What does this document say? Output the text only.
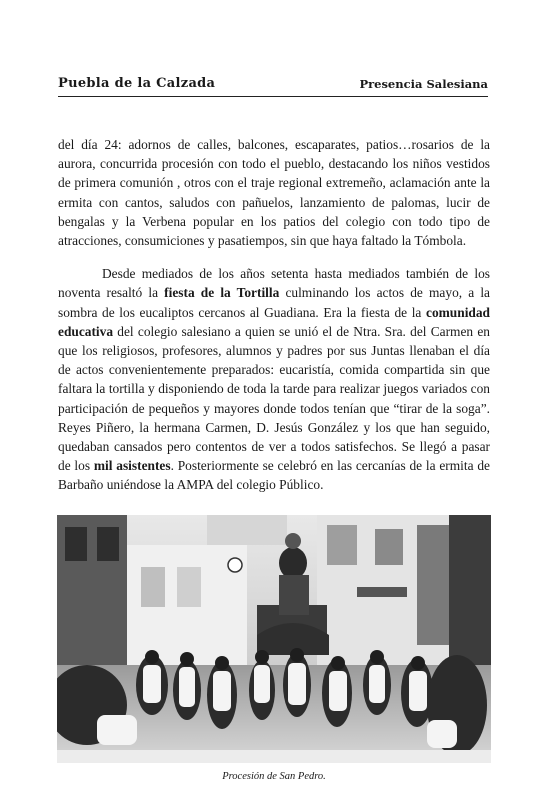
Puebla de la Calzada	Presencia Salesiana

del día 24: adornos de calles, balcones, escaparates, patios…rosarios de la aurora, concurrida procesión con todo el pueblo, destacando los niños vestidos de primera comunión , otros con el traje regional extremeño, aclamación ante la ermita con cantos, saludos con pañuelos, lanzamiento de palomas, lucir de bengalas y la Verbena popular en los patios del colegio con todo tipo de atracciones, consumiciones y pasatiempos, sin que haya faltado la Tómbola.

Desde mediados de los años setenta hasta mediados también de los noventa resaltó la fiesta de la Tortilla culminando los actos de mayo, a la sombra de los eucaliptos cercanos al Guadiana. Era la fiesta de la comunidad educativa del colegio salesiano a quien se unió el de Ntra. Sra. del Carmen en que los religiosos, profesores, alumnos y padres por sus Juntas llenaban el día de actos convenientemente preparados: eucaristía, comida compartida sin que faltara la tortilla y disponiendo de toda la tarde para realizar juegos variados con participación de pequeños y mayores donde todos tenían que “tirar de la soga”. Reyes Piñero, la hermana Carmen, D. Jesús González y los que han seguido, quedaban cansados pero contentos de ver a todos satisfechos. Se llegó a pasar de los mil asistentes. Posteriormente se celebró en las cercanías de la ermita de Barbaño uniéndose la AMPA del colegio Público.

Procesión de San Pedro.
